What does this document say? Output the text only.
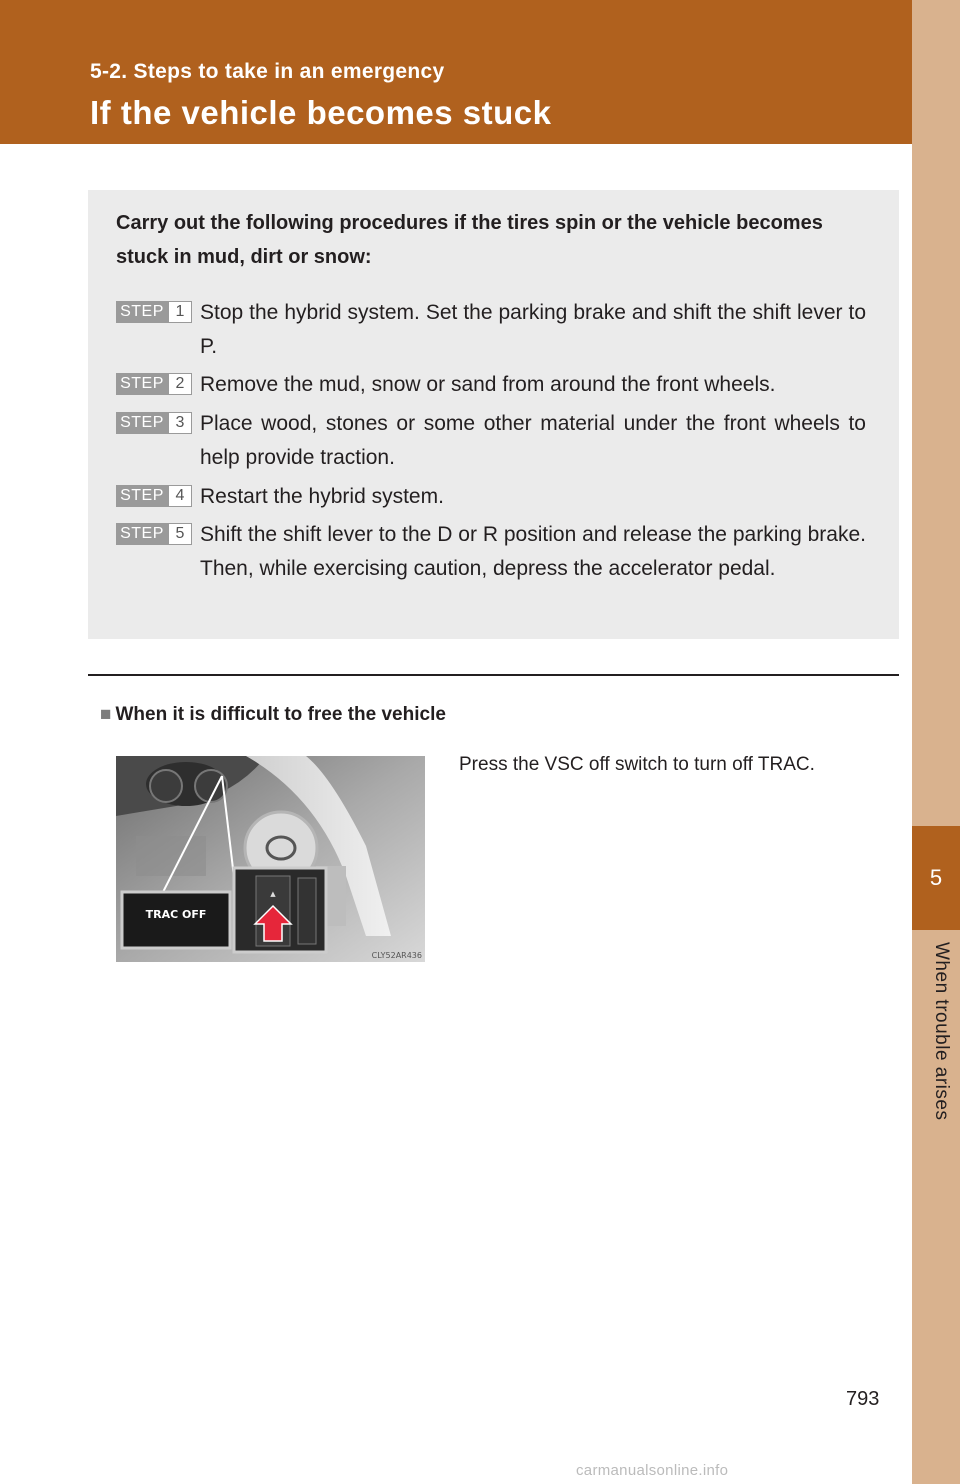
5-2. Steps to take in an emergency
If the vehicle becomes stuck
5
When trouble arises
Carry out the following procedures if the tires spin or the vehicle becomes stuck in mud, dirt or snow:
STEP 1 Stop the hybrid system. Set the parking brake and shift the shift lever to P.
STEP 2 Remove the mud, snow or sand from around the front wheels.
STEP 3 Place wood, stones or some other material under the front wheels to help provide traction.
STEP 4 Restart the hybrid system.
STEP 5 Shift the shift lever to the D or R position and release the parking brake. Then, while exercising caution, depress the accelerator pedal.
■ When it is difficult to free the vehicle
TRAC OFF
▲
CLY52AR436
Press the VSC off switch to turn off TRAC.
793
carmanualsonline.info
